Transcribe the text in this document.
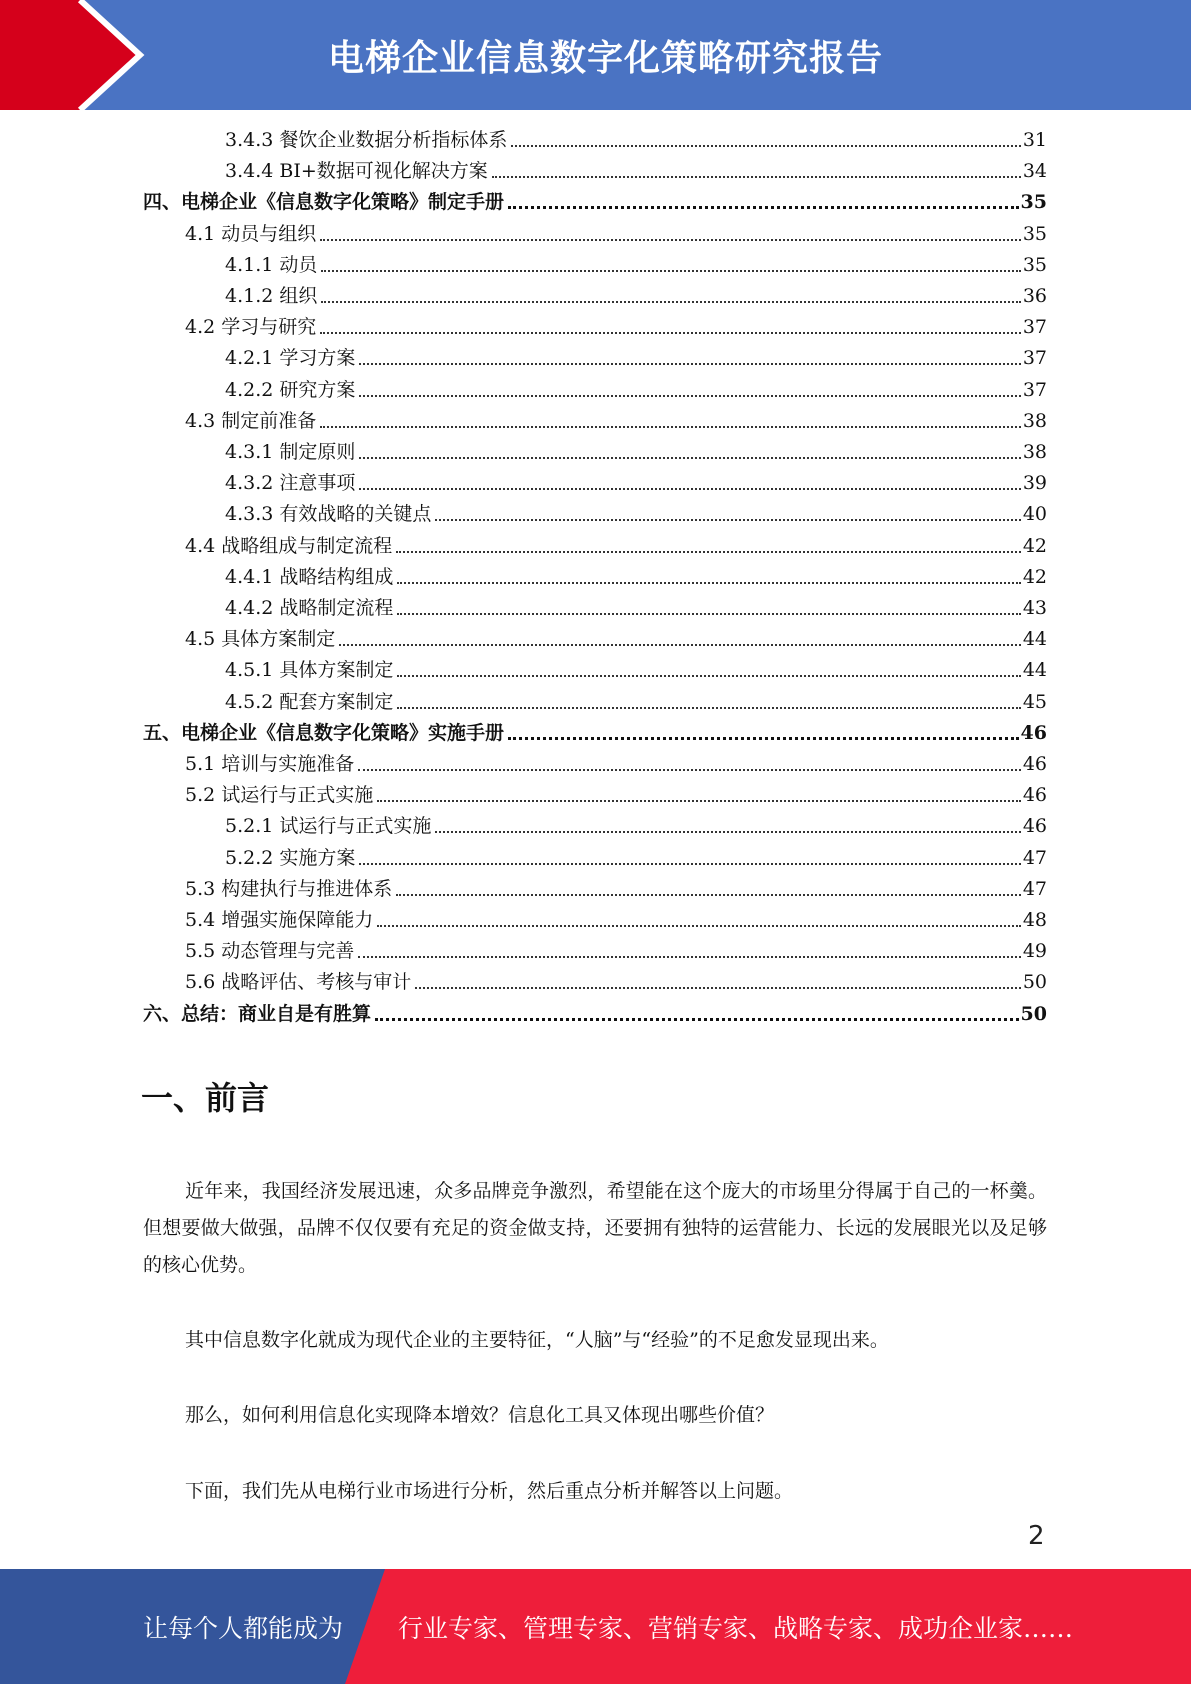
电梯企业信息数字化策略研究报告
3.4.3 餐饮企业数据分析指标体系	31
3.4.4 BI+数据可视化解决方案	34
四、电梯企业《信息数字化策略》制定手册	35
4.1 动员与组织	35
4.1.1 动员	35
4.1.2 组织	36
4.2 学习与研究	37
4.2.1 学习方案	37
4.2.2 研究方案	37
4.3 制定前准备	38
4.3.1 制定原则	38
4.3.2 注意事项	39
4.3.3 有效战略的关键点	40
4.4 战略组成与制定流程	42
4.4.1 战略结构组成	42
4.4.2 战略制定流程	43
4.5 具体方案制定	44
4.5.1 具体方案制定	44
4.5.2 配套方案制定	45
五、电梯企业《信息数字化策略》实施手册	46
5.1 培训与实施准备	46
5.2 试运行与正式实施	46
5.2.1 试运行与正式实施	46
5.2.2 实施方案	47
5.3 构建执行与推进体系	47
5.4 增强实施保障能力	48
5.5 动态管理与完善	49
5.6 战略评估、考核与审计	50
六、总结：商业自是有胜算	50
一、前言
近年来，我国经济发展迅速，众多品牌竞争激烈，希望能在这个庞大的市场里分得属于自己的一杯羹。但想要做大做强，品牌不仅仅要有充足的资金做支持，还要拥有独特的运营能力、长远的发展眼光以及足够的核心优势。
其中信息数字化就成为现代企业的主要特征，“人脑”与“经验”的不足愈发显现出来。
那么，如何利用信息化实现降本增效？信息化工具又体现出哪些价值？
下面，我们先从电梯行业市场进行分析，然后重点分析并解答以上问题。
2
让每个人都能成为 行业专家、管理专家、营销专家、战略专家、成功企业家……
